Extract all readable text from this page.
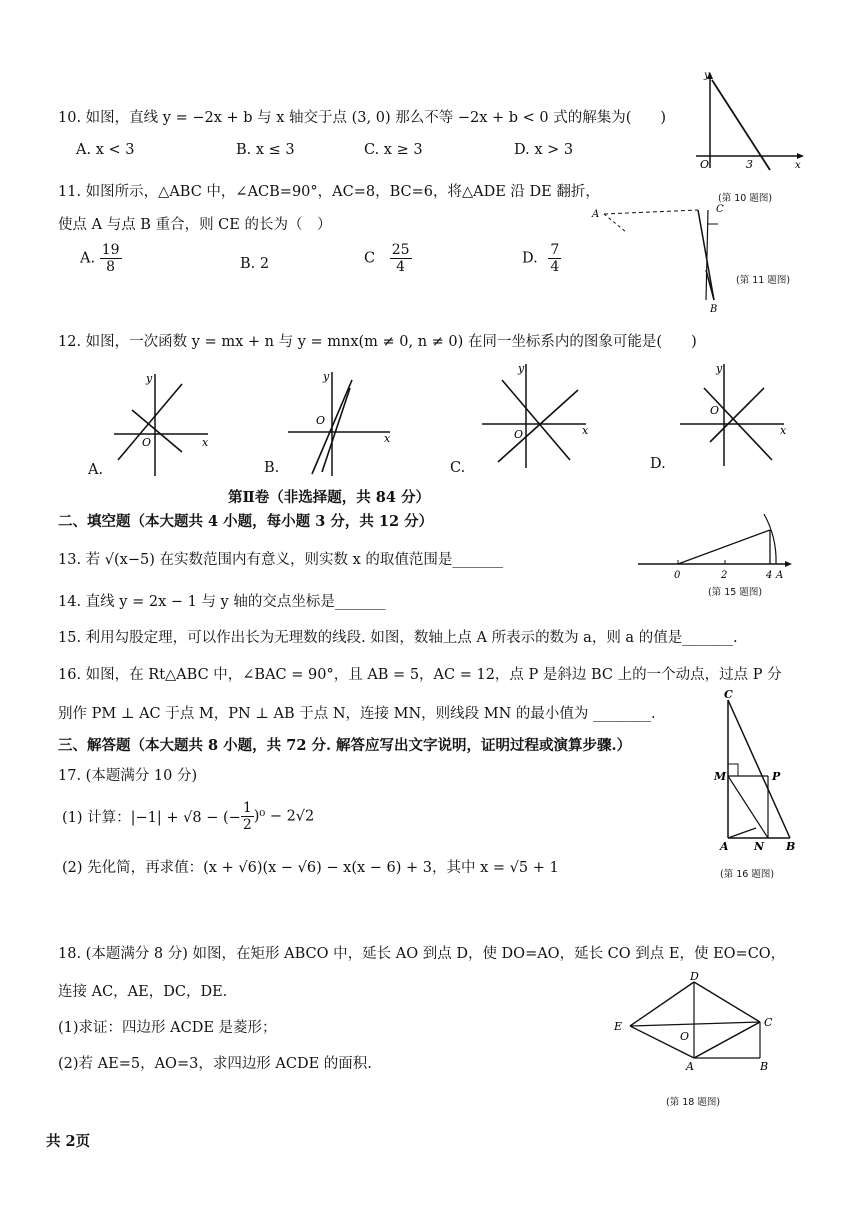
10. 如图，直线 y = −2x + b 与 x 轴交于点 (3, 0) 那么不等 −2x + b < 0 式的解集为(　　)
A. x < 3	B. x ≤ 3	C. x ≥ 3	D. x > 3
y
O	3	x
(第 10 题图)
11. 如图所示，△ABC 中，∠ACB=90°，AC=8，BC=6，将△ADE 沿 DE 翻折，
使点 A 与点 B 重合，则 CE 的长为（　）
A. $\frac{19}{8}$	B. 2	C $\frac{25}{4}$	D. $\frac{7}{4}$
A	C
B
(第 11 题图)
12. 如图，一次函数 y = mx + n 与 y = mnx(m ≠ 0, n ≠ 0) 在同一坐标系内的图象可能是(　　)
y
O	x
A.
y
O
x
B.
y
O	x
C.
y
O
x
D.
第Ⅱ卷（非选择题，共 84 分）
二、填空题（本大题共 4 小题，每小题 3 分，共 12 分）
13. 若 √(x−5) 在实数范围内有意义，则实数 x 的取值范围是_______
0	2	4 A
(第 15 题图)
14. 直线 y = 2x − 1 与 y 轴的交点坐标是_______
15. 利用勾股定理，可以作出长为无理数的线段. 如图，数轴上点 A 所表示的数为 a，则 a 的值是_______.
16. 如图，在 Rt△ABC 中，∠BAC = 90°，且 AB = 5，AC = 12，点 P 是斜边 BC 上的一个动点，过点 P 分
别作 PM ⊥ AC 于点 M，PN ⊥ AB 于点 N，连接 MN，则线段 MN 的最小值为 ________.
C
M	P
A N B
(第 16 题图)
三、解答题（本大题共 8 小题，共 72 分. 解答应写出文字说明，证明过程或演算步骤.）
17. (本题满分 10 分)
(1) 计算：|−1| + √8 − (− $\frac{1}{2} )^0 - 2√2$
(2) 先化简，再求值：(x + √6)(x − √6) − x(x − 6) + 3，其中 x = √5 + 1
18. (本题满分 8 分) 如图，在矩形 ABCO 中，延长 AO 到点 D，使 DO=AO，延长 CO 到点 E，使 EO=CO，
连接 AC，AE，DC，DE.
(1)求证：四边形 ACDE 是菱形；
(2)若 AE=5，AO=3，求四边形 ACDE 的面积.
D
E	C
O
A	B
(第 18 题图)
共 2页
